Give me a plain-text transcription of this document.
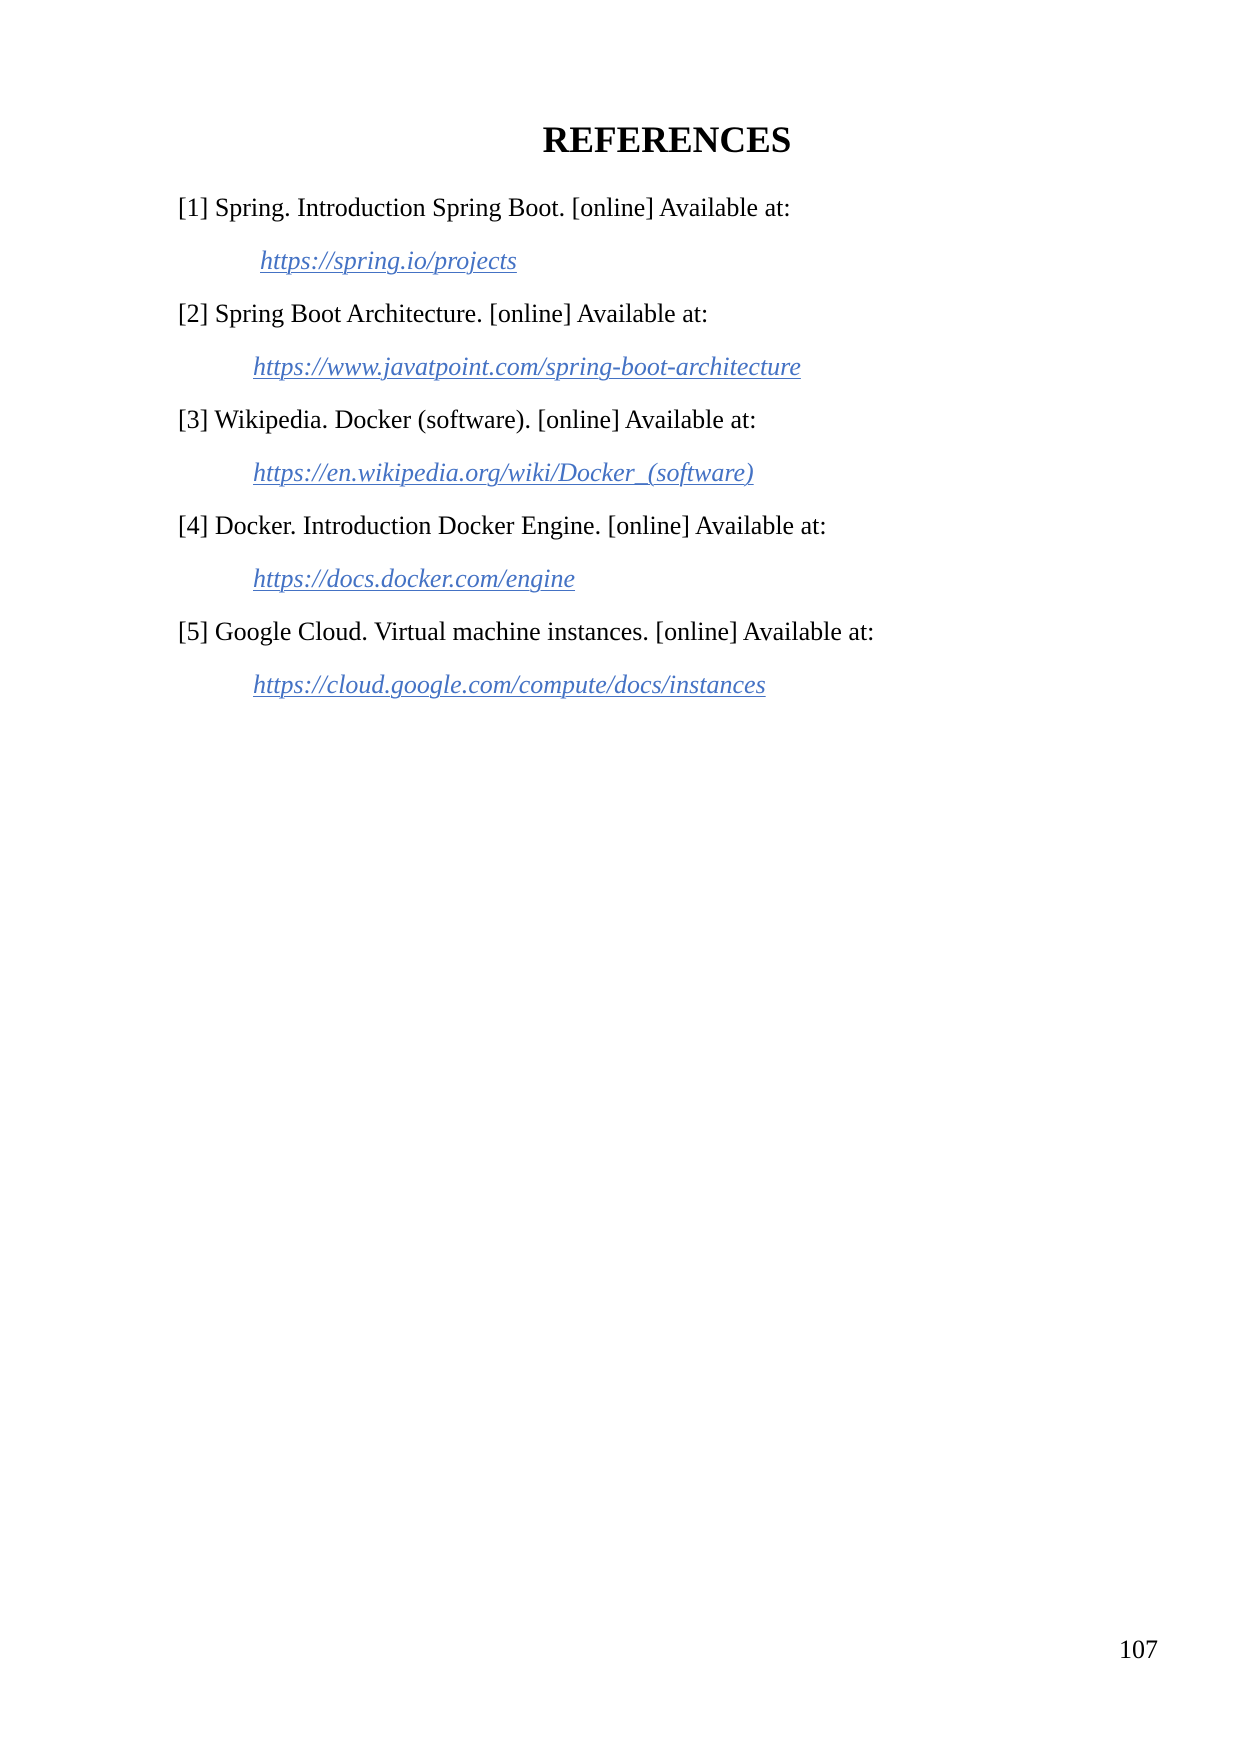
REFERENCES
[1] Spring. Introduction Spring Boot. [online] Available at:
https://spring.io/projects
[2] Spring Boot Architecture. [online] Available at:
https://www.javatpoint.com/spring-boot-architecture
[3] Wikipedia. Docker (software). [online] Available at:
https://en.wikipedia.org/wiki/Docker_(software)
[4] Docker. Introduction Docker Engine. [online] Available at:
https://docs.docker.com/engine
[5] Google Cloud. Virtual machine instances. [online] Available at:
https://cloud.google.com/compute/docs/instances
107
